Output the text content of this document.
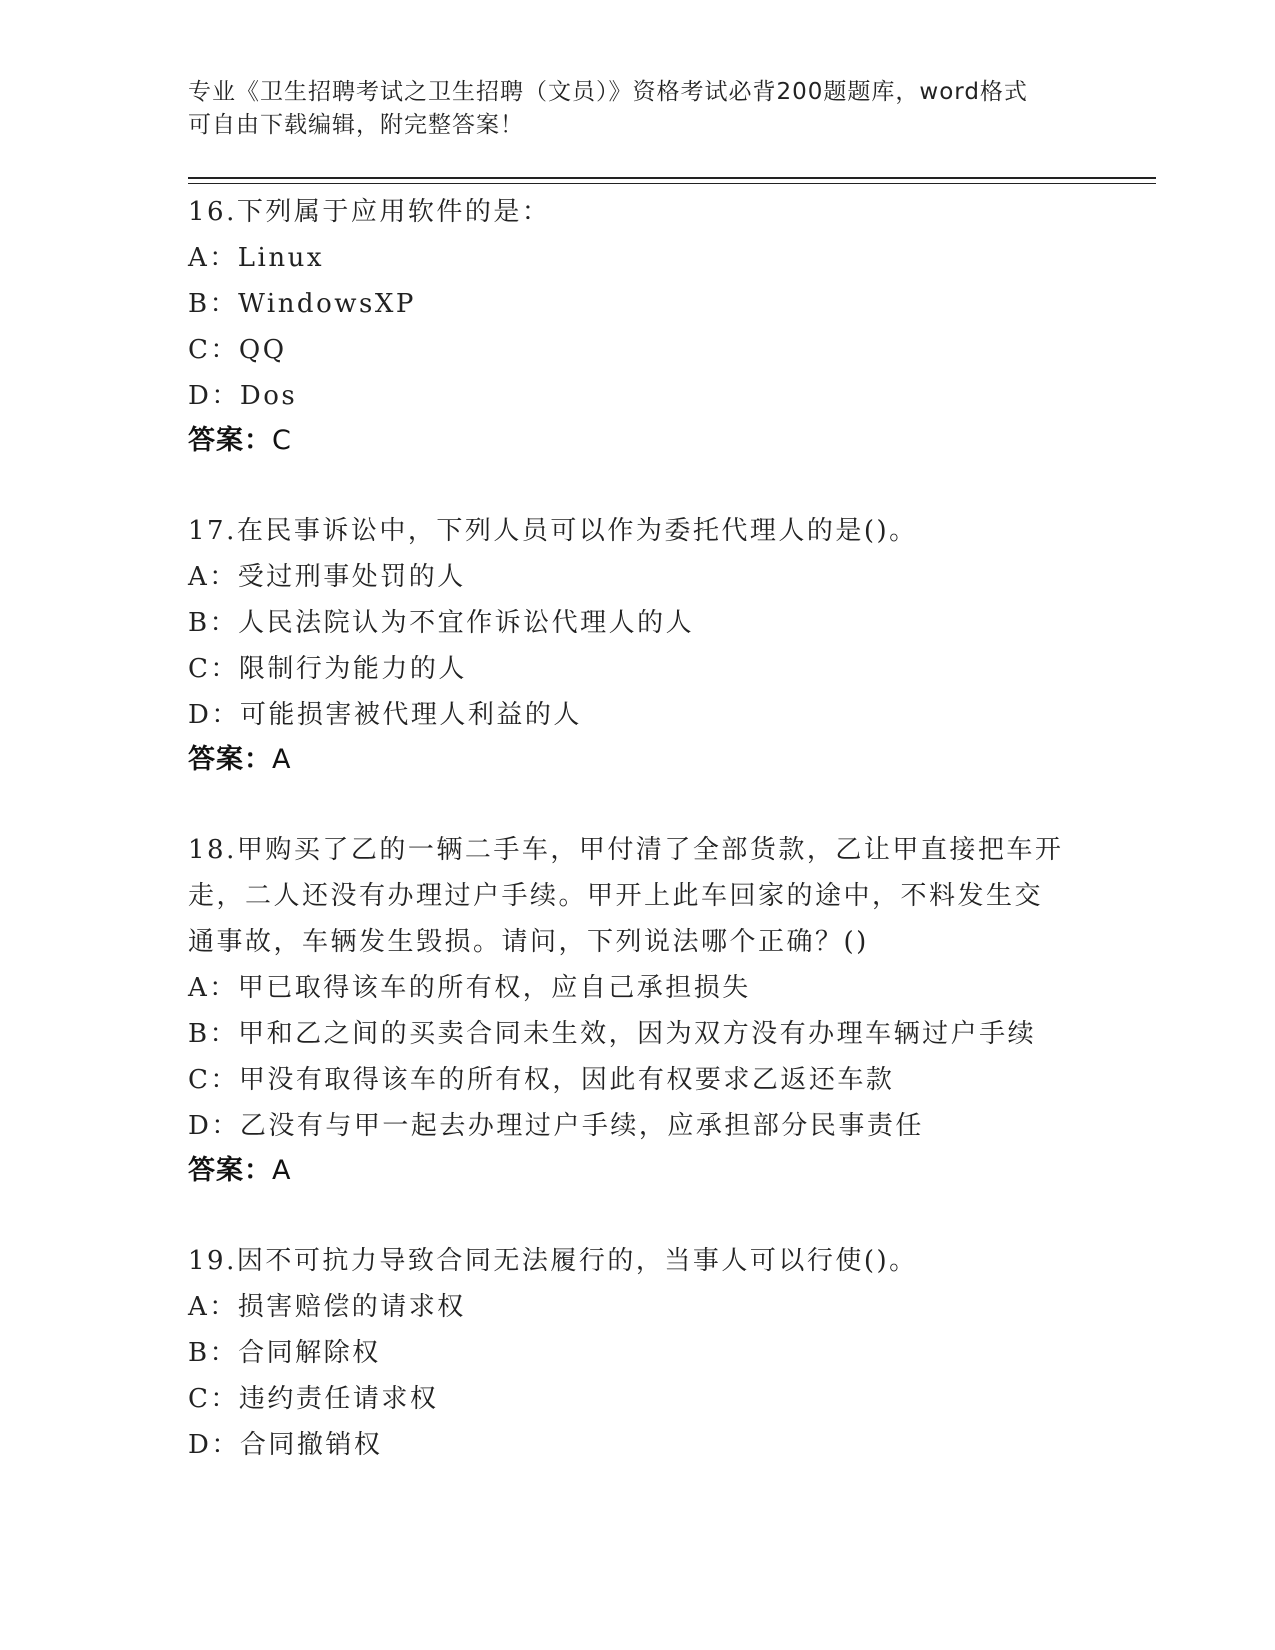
专业《卫生招聘考试之卫生招聘（文员）》资格考试必背200题题库，word格式
可自由下载编辑，附完整答案！
16.下列属于应用软件的是：
A：Linux
B：WindowsXP
C：QQ
D：Dos
答案：C
17.在民事诉讼中，下列人员可以作为委托代理人的是()。
A：受过刑事处罚的人
B：人民法院认为不宜作诉讼代理人的人
C：限制行为能力的人
D：可能损害被代理人利益的人
答案：A
18.甲购买了乙的一辆二手车，甲付清了全部货款，乙让甲直接把车开
走，二人还没有办理过户手续。甲开上此车回家的途中，不料发生交
通事故，车辆发生毁损。请问，下列说法哪个正确？()
A：甲已取得该车的所有权，应自己承担损失
B：甲和乙之间的买卖合同未生效，因为双方没有办理车辆过户手续
C：甲没有取得该车的所有权，因此有权要求乙返还车款
D：乙没有与甲一起去办理过户手续，应承担部分民事责任
答案：A
19.因不可抗力导致合同无法履行的，当事人可以行使()。
A：损害赔偿的请求权
B：合同解除权
C：违约责任请求权
D：合同撤销权
